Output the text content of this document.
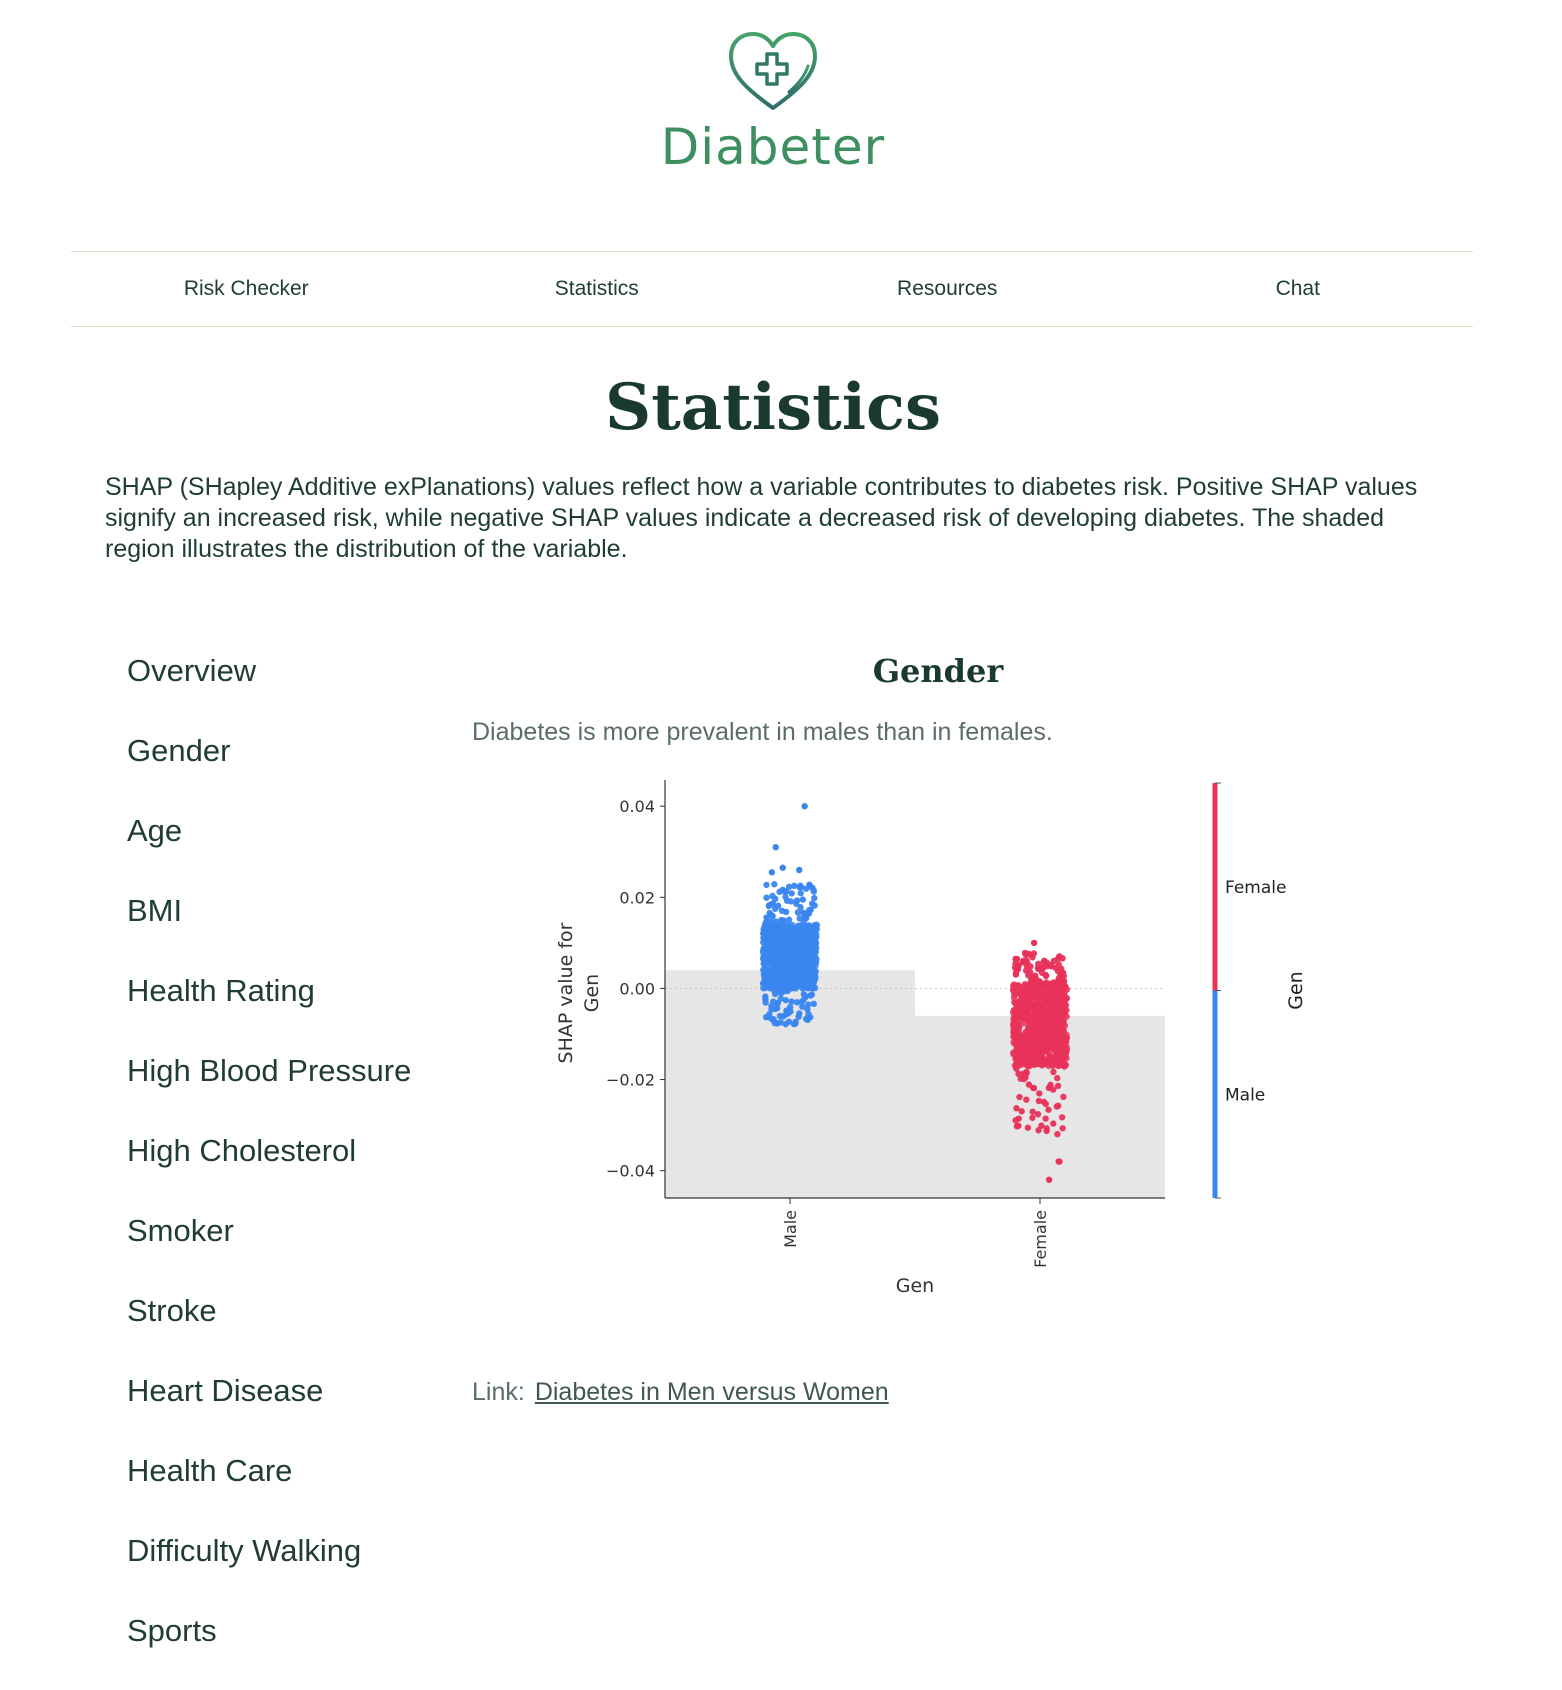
Diabeter
Risk Checker	Statistics	Resources	Chat
Statistics

SHAP (SHapley Additive exPlanations) values reflect how a variable contributes to diabetes risk. Positive SHAP values signify an increased risk, while negative SHAP values indicate a decreased risk of developing diabetes. The shaded region illustrates the distribution of the variable.

Overview
Gender
Age
BMI
Health Rating
High Blood Pressure
High Cholesterol
Smoker
Stroke
Heart Disease
Health Care
Difficulty Walking
Sports
Gender

Diabetes is more prevalent in males than in females.

0.04
0.02
0.00
−0.02
−0.04
Male	Female
Gen
SHAP value for Gen
Female
Male
Gen
Link: Diabetes in Men versus Women
